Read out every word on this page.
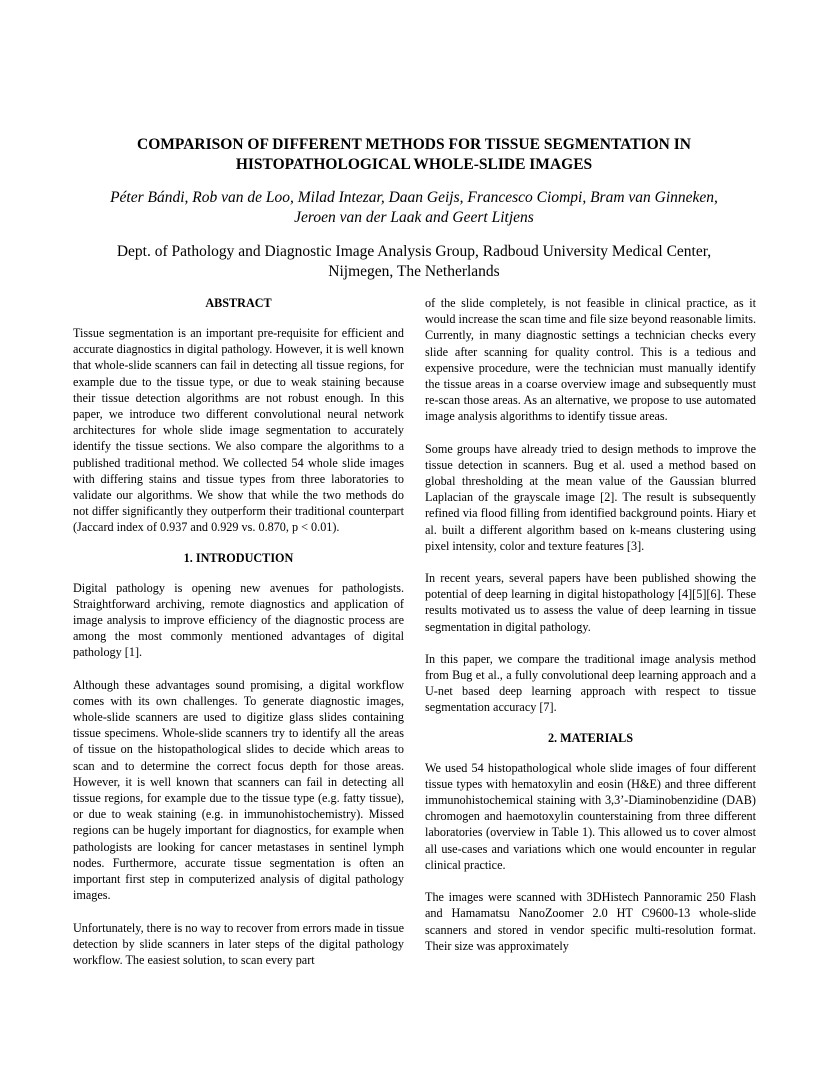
COMPARISON OF DIFFERENT METHODS FOR TISSUE SEGMENTATION IN
HISTOPATHOLOGICAL WHOLE-SLIDE IMAGES
Péter Bándi, Rob van de Loo, Milad Intezar, Daan Geijs, Francesco Ciompi, Bram van Ginneken,
Jeroen van der Laak and Geert Litjens
Dept. of Pathology and Diagnostic Image Analysis Group, Radboud University Medical Center,
Nijmegen, The Netherlands
ABSTRACT

Tissue segmentation is an important pre-requisite for efficient and accurate diagnostics in digital pathology. However, it is well known that whole-slide scanners can fail in detecting all tissue regions, for example due to the tissue type, or due to weak staining because their tissue detection algorithms are not robust enough. In this paper, we introduce two different convolutional neural network architectures for whole slide image segmentation to accurately identify the tissue sections. We also compare the algorithms to a published traditional method. We collected 54 whole slide images with differing stains and tissue types from three laboratories to validate our algorithms. We show that while the two methods do not differ significantly they outperform their traditional counterpart (Jaccard index of 0.937 and 0.929 vs. 0.870, p < 0.01).

1. INTRODUCTION

Digital pathology is opening new avenues for pathologists. Straightforward archiving, remote diagnostics and application of image analysis to improve efficiency of the diagnostic process are among the most commonly mentioned advantages of digital pathology [1].

Although these advantages sound promising, a digital workflow comes with its own challenges. To generate diagnostic images, whole-slide scanners are used to digitize glass slides containing tissue specimens. Whole-slide scanners try to identify all the areas of tissue on the histopathological slides to decide which areas to scan and to determine the correct focus depth for those areas. However, it is well known that scanners can fail in detecting all tissue regions, for example due to the tissue type (e.g. fatty tissue), or due to weak staining (e.g. in immunohistochemistry). Missed regions can be hugely important for diagnostics, for example when pathologists are looking for cancer metastases in sentinel lymph nodes. Furthermore, accurate tissue segmentation is often an important first step in computerized analysis of digital pathology images.

Unfortunately, there is no way to recover from errors made in tissue detection by slide scanners in later steps of the digital pathology workflow. The easiest solution, to scan every part

of the slide completely, is not feasible in clinical practice, as it would increase the scan time and file size beyond reasonable limits. Currently, in many diagnostic settings a technician checks every slide after scanning for quality control. This is a tedious and expensive procedure, were the technician must manually identify the tissue areas in a coarse overview image and subsequently must re-scan those areas. As an alternative, we propose to use automated image analysis algorithms to identify tissue areas.

Some groups have already tried to design methods to improve the tissue detection in scanners. Bug et al. used a method based on global thresholding at the mean value of the Gaussian blurred Laplacian of the grayscale image [2]. The result is subsequently refined via flood filling from identified background points. Hiary et al. built a different algorithm based on k-means clustering using pixel intensity, color and texture features [3].

In recent years, several papers have been published showing the potential of deep learning in digital histopathology [4][5][6]. These results motivated us to assess the value of deep learning in tissue segmentation in digital pathology.

In this paper, we compare the traditional image analysis method from Bug et al., a fully convolutional deep learning approach and a U-net based deep learning approach with respect to tissue segmentation accuracy [7].

2. MATERIALS

We used 54 histopathological whole slide images of four different tissue types with hematoxylin and eosin (H&E) and three different immunohistochemical staining with 3,3’-Diaminobenzidine (DAB) chromogen and haemotoxylin counterstaining from three different laboratories (overview in Table 1). This allowed us to cover almost all use-cases and variations which one would encounter in regular clinical practice.

The images were scanned with 3DHistech Pannoramic 250 Flash and Hamamatsu NanoZoomer 2.0 HT C9600-13 whole-slide scanners and stored in vendor specific multi-resolution format. Their size was approximately
